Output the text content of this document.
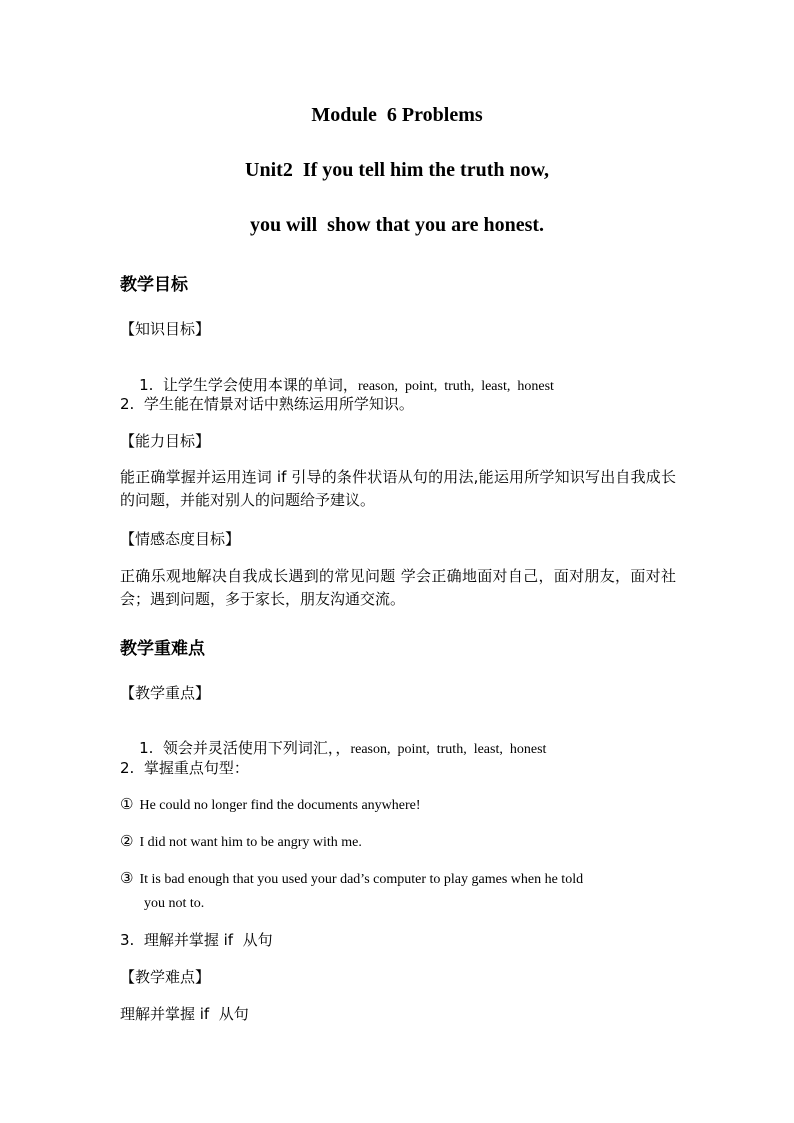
Module  6 Problems
Unit2  If you tell him the truth now,
you will  show that you are honest.
教学目标
【知识目标】

1.  让学生学会使用本课的单词，reason,  point,  truth,  least,  honest

2.  学生能在情景对话中熟练运用所学知识。
【能力目标】
能正确掌握并运用连词 if 引导的条件状语从句的用法,能运用所学知识写出自我成长的问题，并能对别人的问题给予建议。
【情感态度目标】
正确乐观地解决自我成长遇到的常见问题 学会正确地面对自己，面对朋友，面对社会；遇到问题，多于家长，朋友沟通交流。
教学重难点
【教学重点】

1.  领会并灵活使用下列词汇，，reason,  point,  truth,  least,  honest

2.  掌握重点句型：
① He could no longer find the documents anywhere!
② I did not want him to be angry with me.
③ It is bad enough that you used your dad’s computer to play games when he told
you not to.
3.  理解并掌握 if  从句
【教学难点】
理解并掌握 if  从句
